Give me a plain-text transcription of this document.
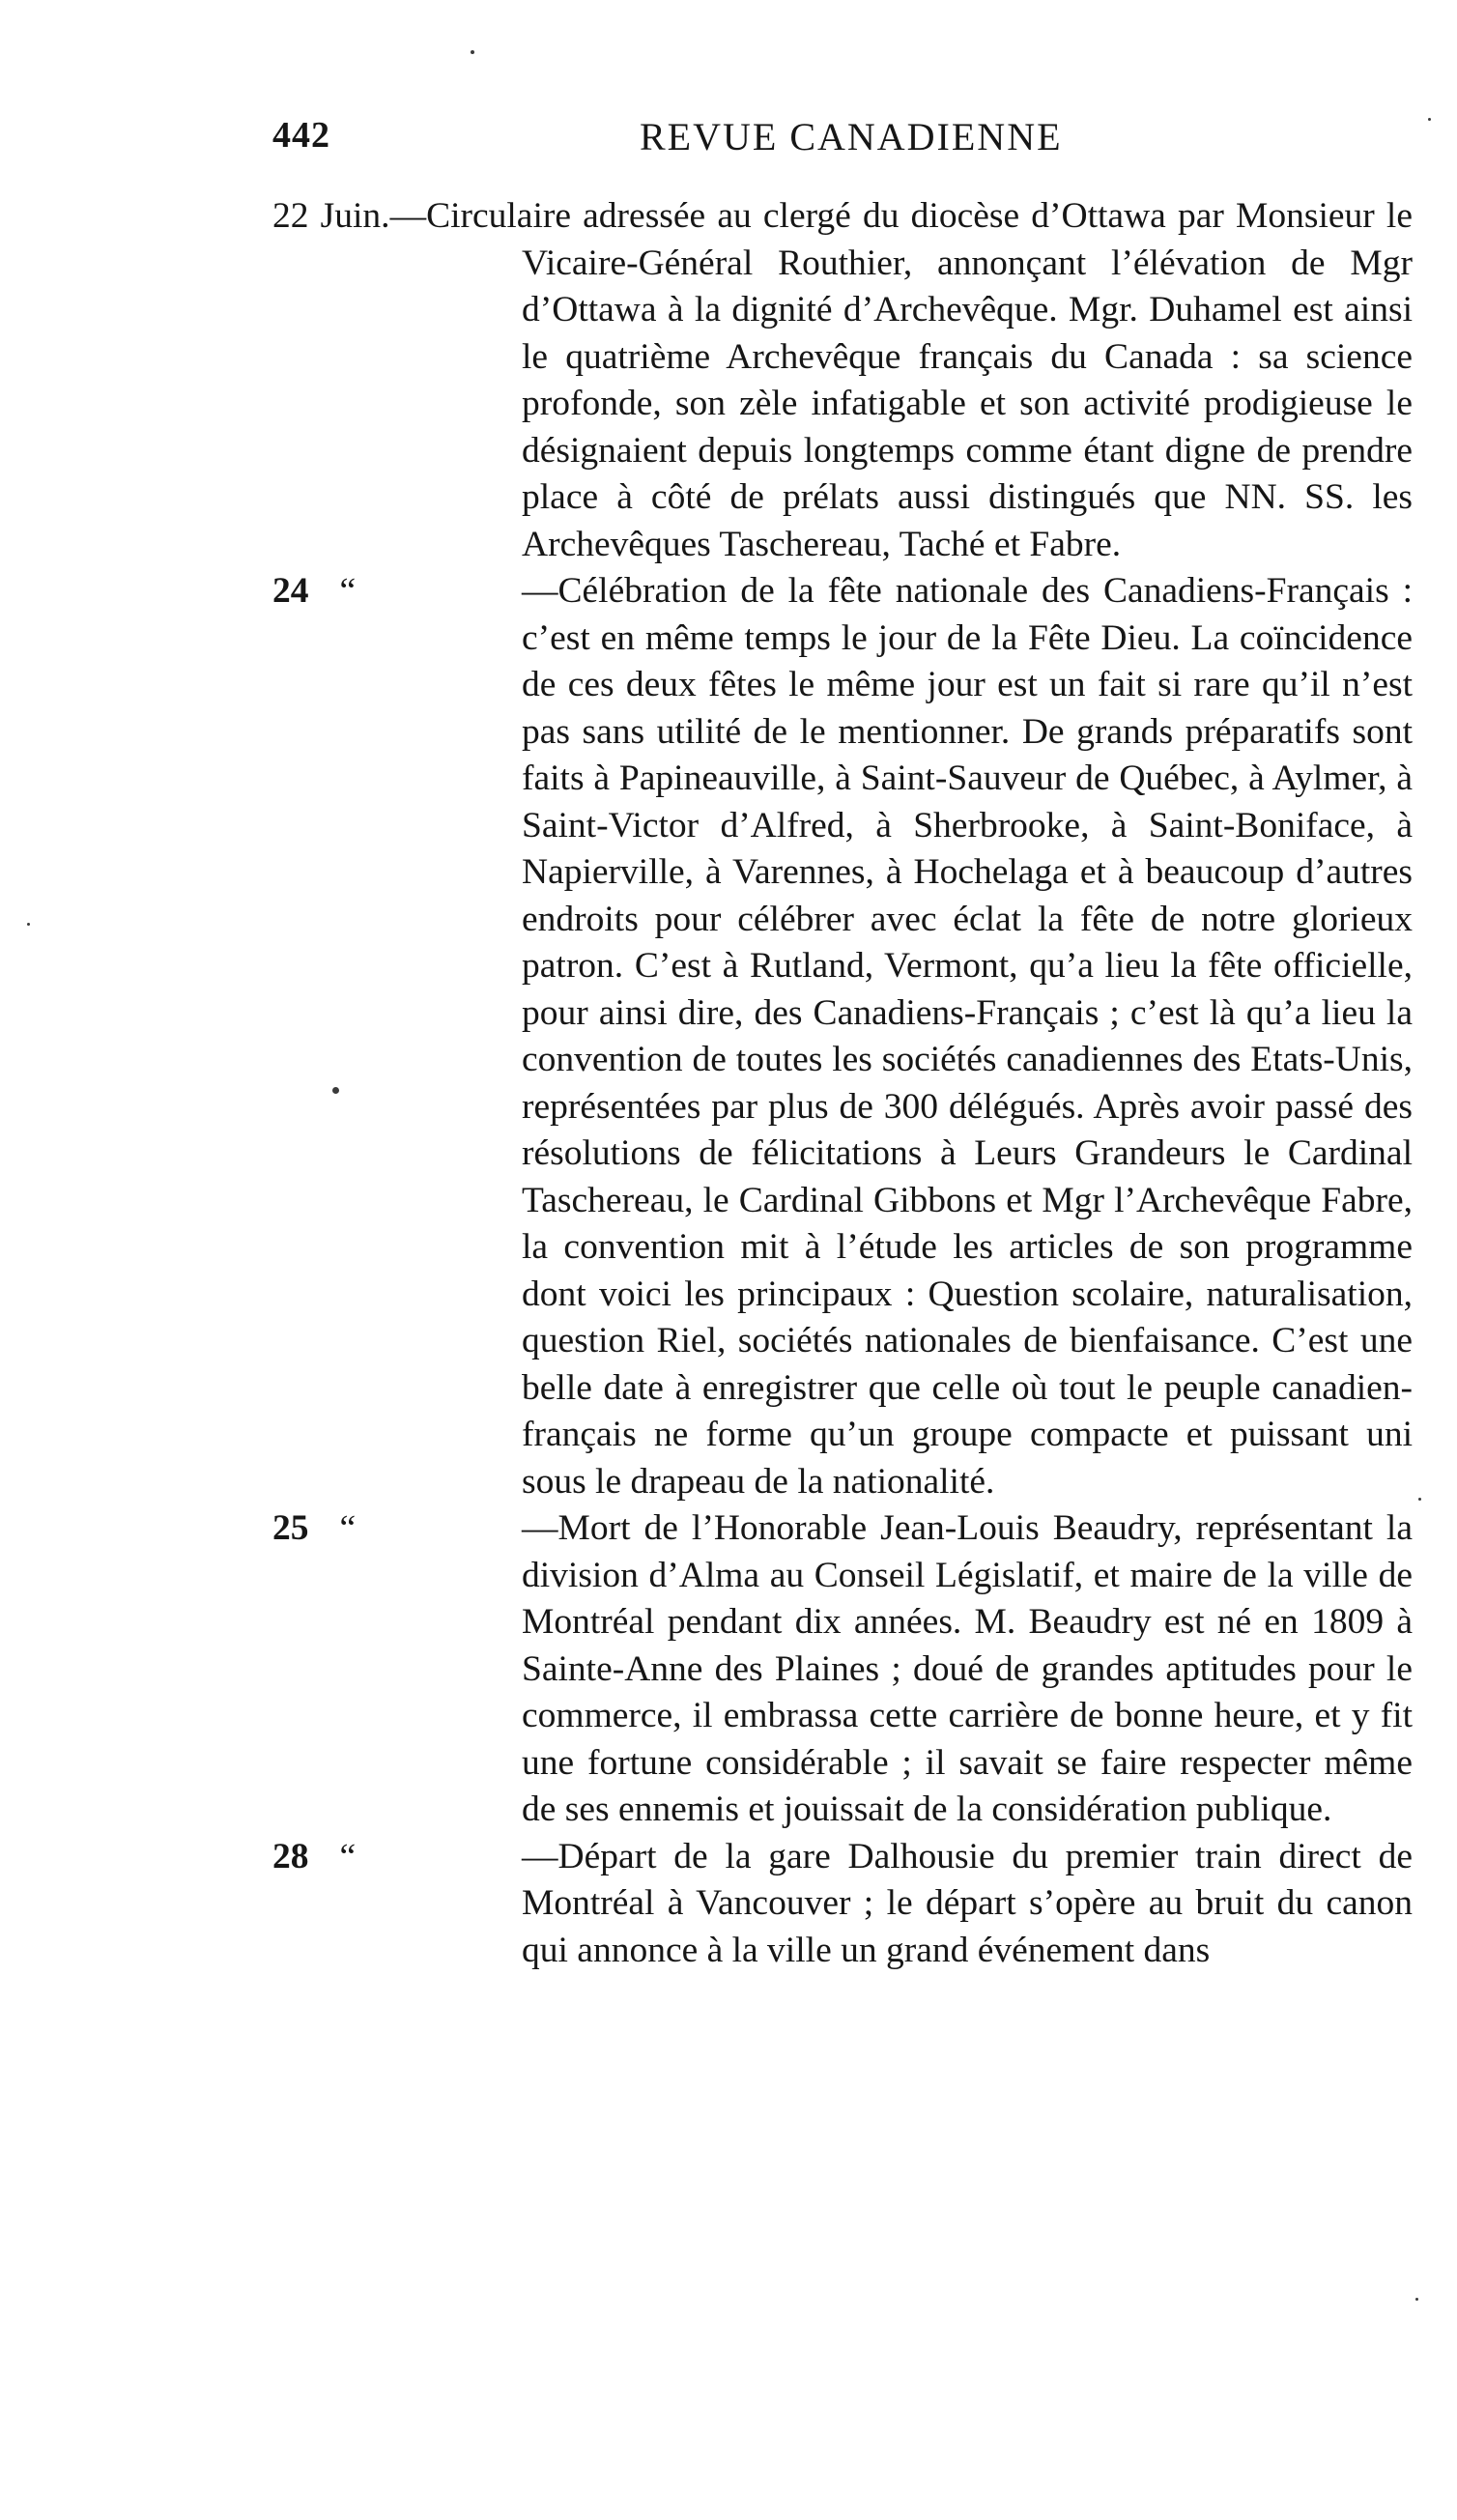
442	REVUE CANADIENNE
22 Juin.—Circulaire adressée au clergé du diocèse d’Ottawa par Monsieur le Vicaire-Général Routhier, annonçant l’élévation de Mgr d’Ottawa à la dignité d’Archevêque. Mgr. Duhamel est ainsi le quatrième Archevêque français du Canada : sa science profonde, son zèle infatigable et son activité prodigieuse le désignaient depuis longtemps comme étant digne de prendre place à côté de prélats aussi distingués que NN. SS. les Archevêques Taschereau, Taché et Fabre.
24 “	—Célébration de la fête nationale des Canadiens-Français : c’est en même temps le jour de la Fête Dieu. La coïncidence de ces deux fêtes le même jour est un fait si rare qu’il n’est pas sans utilité de le mentionner. De grands préparatifs sont faits à Papineauville, à Saint-Sauveur de Québec, à Aylmer, à Saint-Victor d’Alfred, à Sherbrooke, à Saint-Boniface, à Napierville, à Varennes, à Hochelaga et à beaucoup d’autres endroits pour célébrer avec éclat la fête de notre glorieux patron. C’est à Rutland, Vermont, qu’a lieu la fête officielle, pour ainsi dire, des Canadiens-Français ; c’est là qu’a lieu la convention de toutes les sociétés canadiennes des Etats-Unis, représentées par plus de 300 délégués. Après avoir passé des résolutions de félicitations à Leurs Grandeurs le Cardinal Taschereau, le Cardinal Gibbons et Mgr l’Archevêque Fabre, la convention mit à l’étude les articles de son programme dont voici les principaux : Question scolaire, naturalisation, question Riel, sociétés nationales de bienfaisance. C’est une belle date à enregistrer que celle où tout le peuple canadien-français ne forme qu’un groupe compacte et puissant uni sous le drapeau de la nationalité.
25 “	—Mort de l’Honorable Jean-Louis Beaudry, représentant la division d’Alma au Conseil Législatif, et maire de la ville de Montréal pendant dix années. M. Beaudry est né en 1809 à Sainte-Anne des Plaines ; doué de grandes aptitudes pour le commerce, il embrassa cette carrière de bonne heure, et y fit une fortune considérable ; il savait se faire respecter même de ses ennemis et jouissait de la considération publique.
28 “	—Départ de la gare Dalhousie du premier train direct de Montréal à Vancouver ; le départ s’opère au bruit du canon qui annonce à la ville un grand événement dans
